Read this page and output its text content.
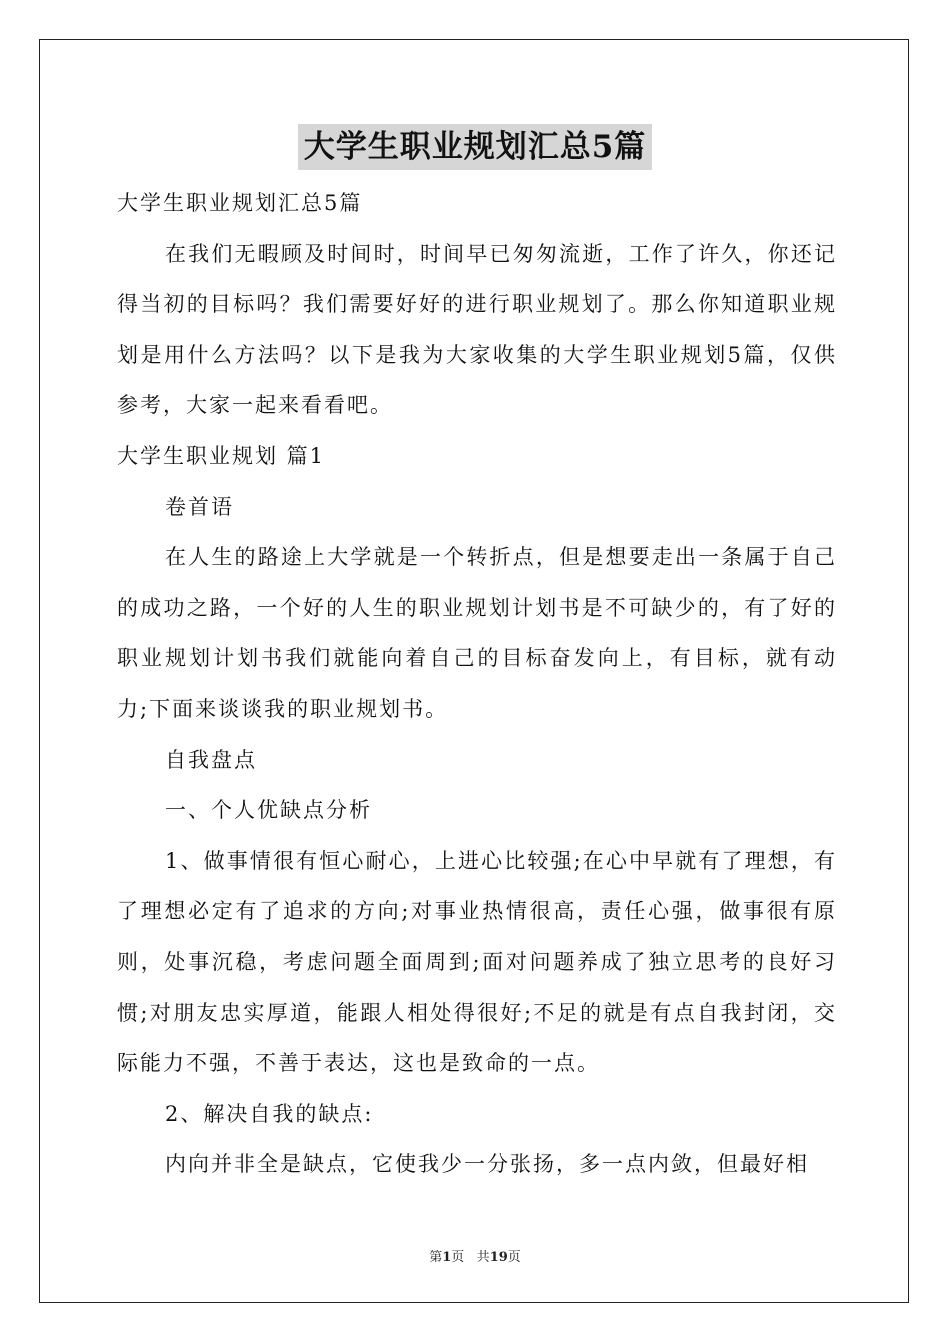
大学生职业规划汇总5篇

大学生职业规划汇总5篇

在我们无暇顾及时间时，时间早已匆匆流逝，工作了许久，你还记得当初的目标吗？我们需要好好的进行职业规划了。那么你知道职业规划是用什么方法吗？以下是我为大家收集的大学生职业规划5篇，仅供参考，大家一起来看看吧。

大学生职业规划 篇1

卷首语

在人生的路途上大学就是一个转折点，但是想要走出一条属于自己的成功之路，一个好的人生的职业规划计划书是不可缺少的，有了好的职业规划计划书我们就能向着自己的目标奋发向上，有目标，就有动力;下面来谈谈我的职业规划书。

自我盘点

一、个人优缺点分析

1、做事情很有恒心耐心，上进心比较强;在心中早就有了理想，有了理想必定有了追求的方向;对事业热情很高，责任心强，做事很有原则，处事沉稳，考虑问题全面周到;面对问题养成了独立思考的良好习惯;对朋友忠实厚道，能跟人相处得很好;不足的就是有点自我封闭，交际能力不强，不善于表达，这也是致命的一点。

2、解决自我的缺点:

内向并非全是缺点，它使我少一分张扬，多一点内敛，但最好相

第1页 共19页
